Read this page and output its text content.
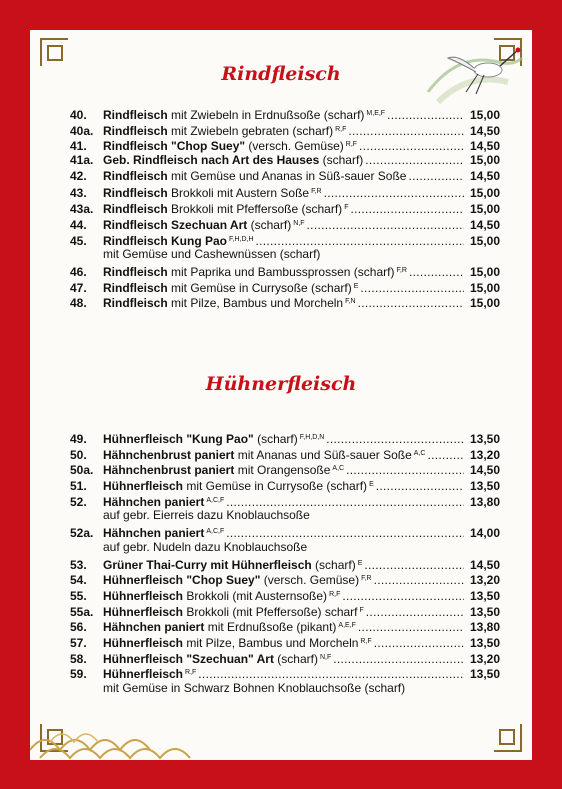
Rindfleisch
40.	Rindfleisch mit Zwiebeln in Erdnußsoße (scharf) $^{M,E,F}$ .....	15,00
40a. Rindfleisch mit Zwiebeln gebraten (scharf) $^{R,F}$ .....	14,50
41.	Rindfleisch "Chop Suey" (versch. Gemüse) $^{R,F}$ .....	14,50
41a. Geb. Rindfleisch nach Art des Hauses (scharf) .....	15,00
42.	Rindfleisch mit Gemüse und Ananas in Süß-sauer Soße .....	14,50
43.	Rindfleisch Brokkoli mit Austern Soße $^{F,R}$ .....	15,00
43a. Rindfleisch Brokkoli mit Pfeffersoße (scharf) $^F$ .....	15,00
44.	Rindfleisch Szechuan Art (scharf) $^{N,F}$ .....	14,50
45.	Rindfleisch Kung Pao $^{F,H,D,H}$ .....	15,00
mit Gemüse und Cashewnüssen (scharf)
46.	Rindfleisch mit Paprika und Bambussprossen (scharf) $^{F,R}$ .....	15,00
47.	Rindfleisch mit Gemüse in Currysoße (scharf) $^E$ .....	15,00
48.	Rindfleisch mit Pilze, Bambus und Morcheln $^{F,N}$ .....	15,00
Hühnerfleisch
49.	Hühnerfleisch "Kung Pao" (scharf) $^{F,H,D,N}$ .....	13,50
50.	Hähnchenbrust paniert mit Ananas und Süß-sauer Soße $^{A,C}$ .....	13,20
50a. Hähnchenbrust paniert mit Orangensoße $^{A,C}$ .....	14,50
51.	Hühnerfleisch mit Gemüse in Currysoße (scharf) $^E$ .....	13,50
52.	Hähnchen paniert $^{A,C,F}$ .....	13,80
auf gebr. Eierreis dazu Knoblauchsoße
52a. Hähnchen paniert $^{A,C,F}$ .....	14,00
auf gebr. Nudeln dazu Knoblauchsoße
53.	Grüner Thai-Curry mit Hühnerfleisch (scharf) $^E$ .....	14,50
54.	Hühnerfleisch "Chop Suey" (versch. Gemüse) $^{F,R}$ .....	13,20
55.	Hühnerfleisch Brokkoli (mit Austernsoße) $^{R,F}$ .....	13,50
55a. Hühnerfleisch Brokkoli (mit Pfeffersoße) scharf $^F$ .....	13,50
56.	Hähnchen paniert mit Erdnußsoße (pikant) $^{A,E,F}$ .....	13,80
57.	Hühnerfleisch mit Pilze, Bambus und Morcheln $^{R,F}$ .....	13,50
58.	Hühnerfleisch "Szechuan" Art (scharf) $^{N,F}$ .....	13,20
59.	Hühnerfleisch $^{R,F}$ .....	13,50
mit Gemüse in Schwarz Bohnen Knoblauchsoße (scharf)
